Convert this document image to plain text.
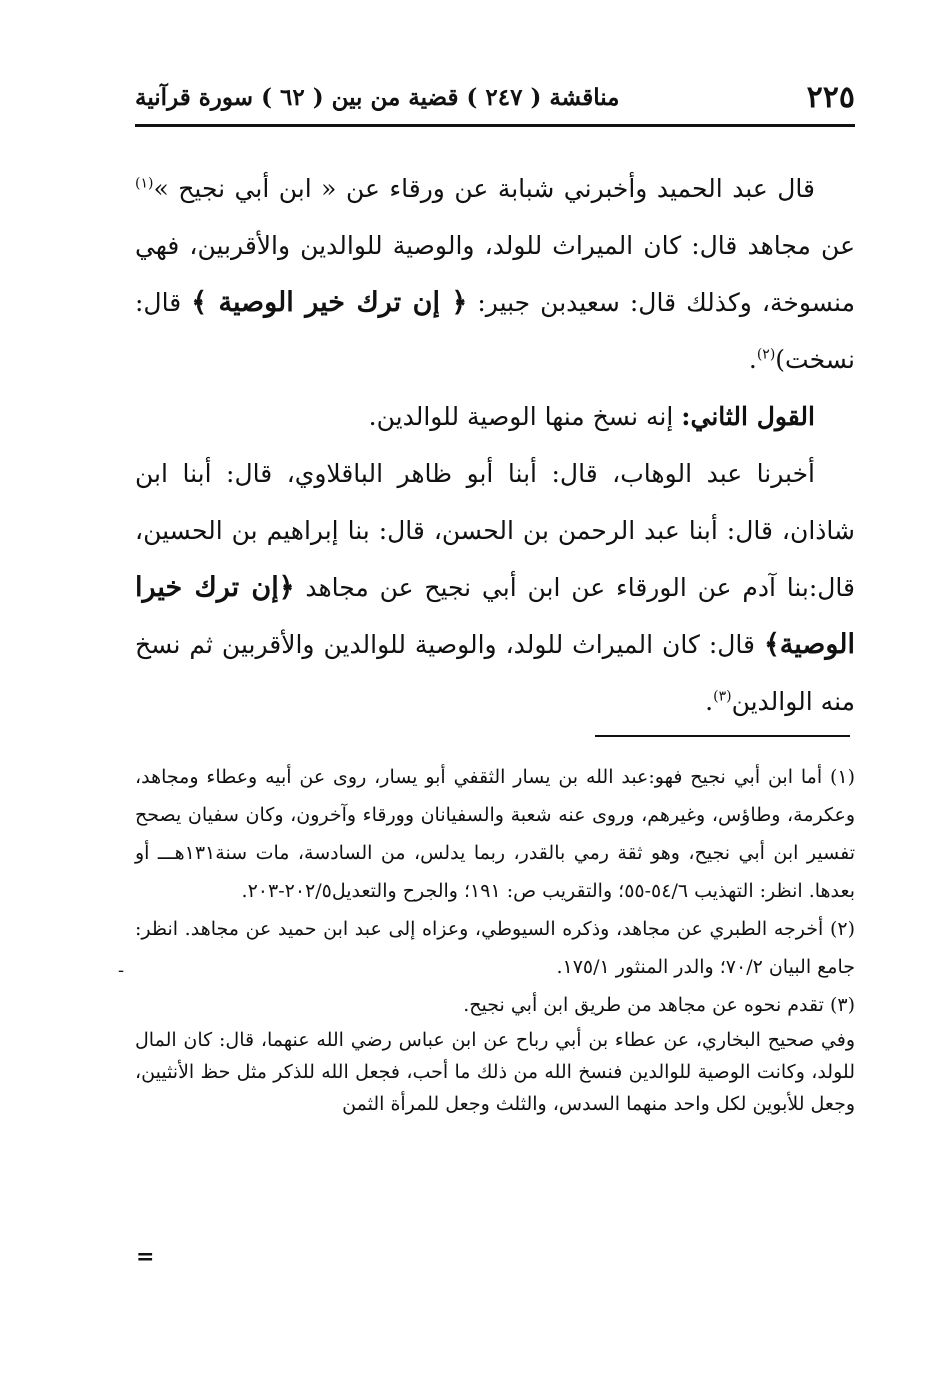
٢٢٥
مناقشة ( ٢٤٧ ) قضية من بين ( ٦٢ ) سورة قرآنية

قال عبد الحميد وأخبرني شبابة عن ورقاء عن « ابن أبي نجيح »$^{(١)}$ عن مجاهد قال: كان الميراث للولد، والوصية للوالدين والأقربين، فهي منسوخة، وكذلك قال: سعيدبن جبير: ﴿ إن ترك خير الوصية ﴾ قال: نسخت)$^{(٢)}$.

القول الثاني: إنه نسخ منها الوصية للوالدين.

أخبرنا عبد الوهاب، قال: أبنا أبو ظاهر الباقلاوي، قال: أبنا ابن شاذان، قال: أبنا عبد الرحمن بن الحسن، قال: بنا إبراهيم بن الحسين، قال:بنا آدم عن الورقاء عن ابن أبي نجيح عن مجاهد ﴿إن ترك خيرا الوصية﴾ قال: كان الميراث للولد، والوصية للوالدين والأقربين ثم نسخ منه الوالدين$^{(٣)}$.

(١) أما ابن أبي نجيح فهو:عبد الله بن يسار الثقفي أبو يسار، روى عن أبيه وعطاء ومجاهد، وعكرمة، وطاؤس، وغيرهم، وروى عنه شعبة والسفيانان وورقاء وآخرون، وكان سفيان يصحح تفسير ابن أبي نجيح، وهو ثقة رمي بالقدر، ربما يدلس، من السادسة، مات سنة١٣١هـــ أو بعدها. انظر: التهذيب ٥٤/٦-٥٥؛ والتقريب ص: ١٩١؛ والجرح والتعديل٢٠٢/٥-٢٠٣.

(٢) أخرجه الطبري عن مجاهد، وذكره السيوطي، وعزاه إلى عبد ابن حميد عن مجاهد. انظر: جامع البيان ٧٠/٢؛ والدر المنثور ١٧٥/١.

(٣) تقدم نحوه عن مجاهد من طريق ابن أبي نجيح.

وفي صحيح البخاري، عن عطاء بن أبي رباح عن ابن عباس رضي الله عنهما، قال: كان المال للولد، وكانت الوصية للوالدين فنسخ الله من ذلك ما أحب، فجعل الله للذكر مثل حظ الأنثيين، وجعل للأبوين لكل واحد منهما السدس، والثلث وجعل للمرأة الثمن

-
=
